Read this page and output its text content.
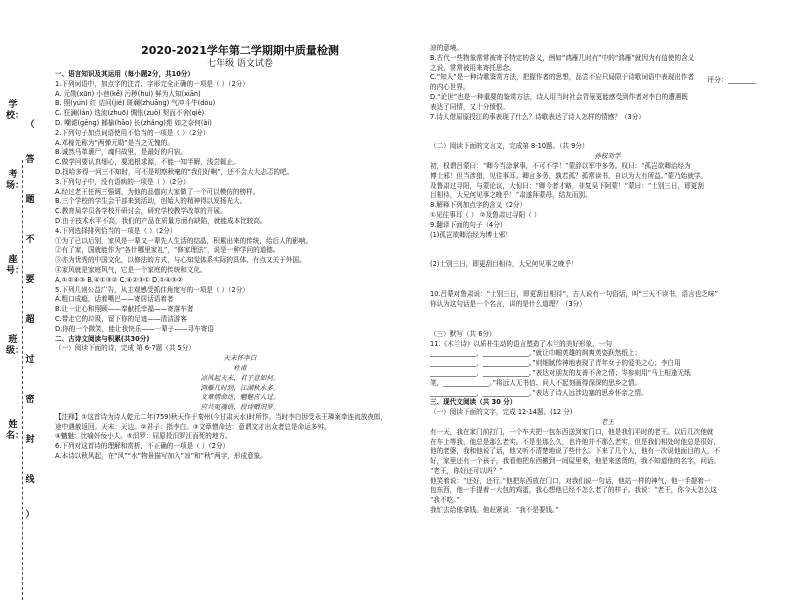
学校：
考场：
座号：
班级：
姓名：
（
答
题
不
要
超
过
密
封
线
）
2020-2021学年第二学期期中质量检测
七年级 语文试卷
一、语言知识及其运用（每小题2分，共10分）
1.下列词语中，加点字的注音、字形完全正确的一项是（ ）（2分）
A. 元勋(xūn) 小巷(kē) 污秽(huì) 鲜为人知(xiān)
B. 照(yún) 红 诘问(jié) 斑斓(zhuāng) 气冲斗牛(dòu)
C. 狂澜(lán) 迭流(zhuō) 惆怅(zuò) 契而不舍(qiè)
D. 嘲谑(gēng) 揶揄(hāo) 长(zhǎng)苑 如之奈何(ài)
2.下列句子加点词语使用不恰当的一项是（ ）（2分）
A.邓稼先称为“两弹元勋”是当之无愧的。
B.诚然马革裹尸，魂归故里，是最好的归宿。
C.做学问要认真细心，要追根求源，不能一知半解，浅尝辄止。
D.找哈多得一问三不知时，可不是明察秋毫的“我们好啊”，还不会大大忐忑的吧。
3.下列句子中，没有语病的一项是（ ）（2分）
A.经过老王任两三强调，为他的品德向大家做了一个可以模仿的榜样。
B.三个学校的学生会干部来到活动，创始人的精神得以发扬光大。
C.教育局学员各学校开研讨会，研究学校教学改革的开展。
D.由于技术水平不高，我们的产品在质量方面有缺陷，就能成本比较高。
4.下列选择排列恰当的一项是（ ）（2分）
①为了已以后别，家风是一辈又一辈先人生活的结晶，积累出来的传统，给后人的影响。
②有了家，国就能作为“各什哪里家礼”，“修家理法”，说是一种学问的道德。
③亦为优秀的中国文化，以修法的方式，与心知觉体系实际的具体、有点又关于外国。
④家风就是家庭风气，它是一个家庭的传统和文化。
A.①②④③ B.④①③② C.④②③① D.①④③②
5.下列几则公益广告，从主观感受抓住角度写的一项是（ ）（2分）
A.粗口成瘾，话着嘴巴——寄居话语着者
B.让一让心和照顾——奉献托幸福——寄落车者
C.带走它的垃圾，留下你的足迹——清洁游客
D.你的一个微笑，能让我快乐——一辈子——寻车寄语
二、古诗文阅读与积累(共30分)
（一）阅读下面的诗，完成 第 6-7题（共 5分）
天末怀李白
杜甫
凉风起天末，君子意如何。
鸿雁几时到，江湖秋水多。
文章憎命达，魑魅喜人过。
应共冤魂语，投诗赠汨罗。
【注释】①这首诗为诗人乾元二年(759)秋天作于秦州(今甘肃天水)时所作。当时李白因受永王璘案牵连流放夜郎，
途中遇赦返回。天末：天边。②君子：指李白。③文章憎命达：意谓文才出众者总是命运多舛。
④魑魅：比喻奸佞小人。⑤汨罗：屈原投汨罗江而死的地方。
6.下列对这首诗的理解和赏析，不正确的一项是（ ）（2分）
A.本诗以秋风起，在“风”“水”物景描写加入“凉”和“秋”两字，形成意象。
评分：________
凉的意境。
B.古代一些物象常常被寄予特定的含义，例如“鸿雁几时有”中的“鸿雁”就因为有信使的含义
之说，常常被用来寄托思念。
C.“知人”是一种诗歌鉴赏方法，把握作者的思想，品尝不应只局限于诗歌词语中表现出作者
的内心世界。
D.“论世”也是一种重要的鉴赏方法，诗人用当时社会背景更能感受到作者对李白的遭遇既
表达了同情，又十分愤恨。
7.诗人借屈原投江的事表现了什么？诗歌表达了诗人怎样的情感？（3分）
（二）阅读下面的文言文，完成第 8-10题。（共 9分）
孙权劝学
初，权谓吕蒙曰：“卿今当涂掌事，不可不学！”蒙辞以军中多务。权曰：“孤岂欲卿治经为
博士邪！但当涉猎，见往事耳。卿言多务，孰若孤？孤常读书，自以为大有所益。”蒙乃始就学。
及鲁肃过寻阳，与蒙论议，大惊曰：“卿今者才略，非复吴下阿蒙！”蒙曰：“士别三日，即更刮
目相待，大兄何见事之晚乎！”肃遂拜蒙母，结友而别。
8.解释下列加点字的含义（2分）
①见往事耳（ ） ②及鲁肃过寻阳（ ）
9.翻译下面的句子（4分）
(1)孤岂欲卿治经为博士邪！
(2)士别三日，即更刮目相待，大兄何见事之晚乎！
10.吕蒙对鲁肃说：“士别三日，即更刮目相待”，古人说有一句俗话，叫“三天不读书，语言也乏味”
你认为这句话是一个名言，讲的是什么道理？（3分）
（三）默写（共 6分）
11.《木兰诗》以质朴生动的语言塑造了木兰的美好形象，一句
______________，______________。”就让巾帼英雄的飒爽英姿跃然纸上；
______________，______________。”则细腻传神地表现了青年女子的爱美之心；李白用
______________，______________。”表达对朋友的友善不舍之情；岑参则用“马上相逢无纸
笔，______________。”将远人无书信、问人不起刻画得深深的思乡之情。
______________，______________。”表达了诗人远涉边塞的思乡怀亲之情。
三、现代文阅读（共 30 分）
（一）阅读下面的文字，完成 12-14题。(12 分)
老王
有一天，我在家门前打门，一个车夫把一包东西送到家门口，他是我们平时的老王。以后几次他就
在车上等我，他总是那么老实。不是坐那么久，也许他并不那么老实，但是我们相处时他总是很好，
他的老婆，我和他说了话，他又听不清楚地说了些什么。下来了几个人，他有一次说他面目的人，不
好，家里还有一个孩子，我看他把东西搬到一间屋里来，他是来送货的，我不知道他的名字，问话。
“老王，你好还可以吗？”
他笑着说：“还好，还行。”他把东西放在门口，对我们说一句话，他站一样的神气，他一手提着一
包东西，他一手提着一大包的鸡蛋，我心想他已经不怎么老了的样子。我说：“老王，你今天怎么这
“我不吃。”
我忙去给他拿钱。他赶紧说：“我不是要钱。”
